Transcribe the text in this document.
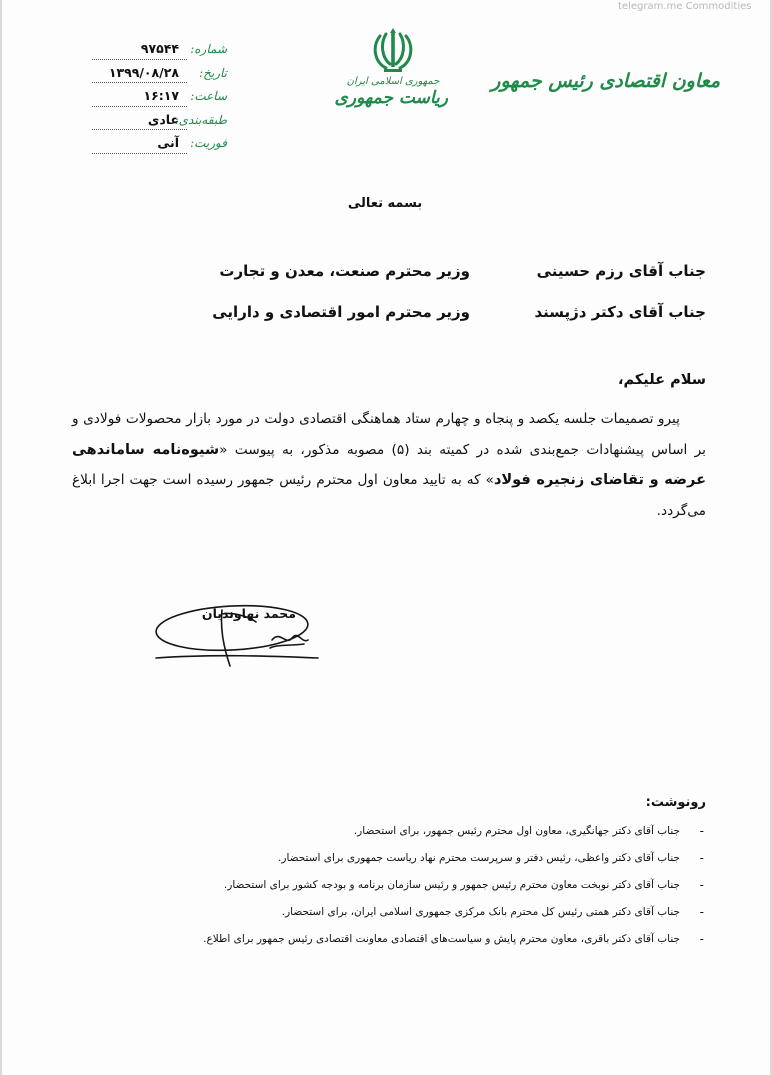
telegram.me Commodities
شماره:
۹۷۵۴۴
تاریخ:
۱۳۹۹/۰۸/۲۸
ساعت:
۱۶:۱۷
طبقه‌بندی:
عادی
فوریت:
آنی
جمهوری اسلامی ایران
ریاست جمهوری
معاون اقتصادی رئیس جمهور
بسمه تعالی
جناب آقای رزم حسینی
وزیر محترم صنعت، معدن و تجارت
جناب آقای دکتر دژپسند
وزیر محترم امور اقتصادی و دارایی
سلام علیکم،

پیرو تصمیمات جلسه یکصد و پنجاه و چهارم ستاد هماهنگی اقتصادی دولت در مورد بازار محصولات فولادی و بر اساس پیشنهادات جمع‌بندی شده در کمیته بند (۵) مصوبه مذکور، به پیوست «شیوه‌نامه ساماندهی عرضه و تقاضای زنجیره فولاد» که به تایید معاون اول محترم رئیس جمهور رسیده است جهت اجرا ابلاغ می‌گردد.

محمد نهاوندیان
رونوشت:
-
جناب آقای دکتر جهانگیری، معاون اول محترم رئیس جمهور، برای استحضار.
-
جناب آقای دکتر واعظی، رئیس دفتر و سرپرست محترم نهاد ریاست جمهوری برای استحضار.
-
جناب آقای دکتر نوبخت معاون محترم رئیس جمهور و رئیس سازمان برنامه و بودجه کشور برای استحضار.
-
جناب آقای دکتر همتی رئیس کل محترم بانک مرکزی جمهوری اسلامی ایران، برای استحضار.
-
جناب آقای دکتر باقری، معاون محترم پایش و سیاست‌های اقتصادی معاونت اقتصادی رئیس جمهور برای اطلاع.
